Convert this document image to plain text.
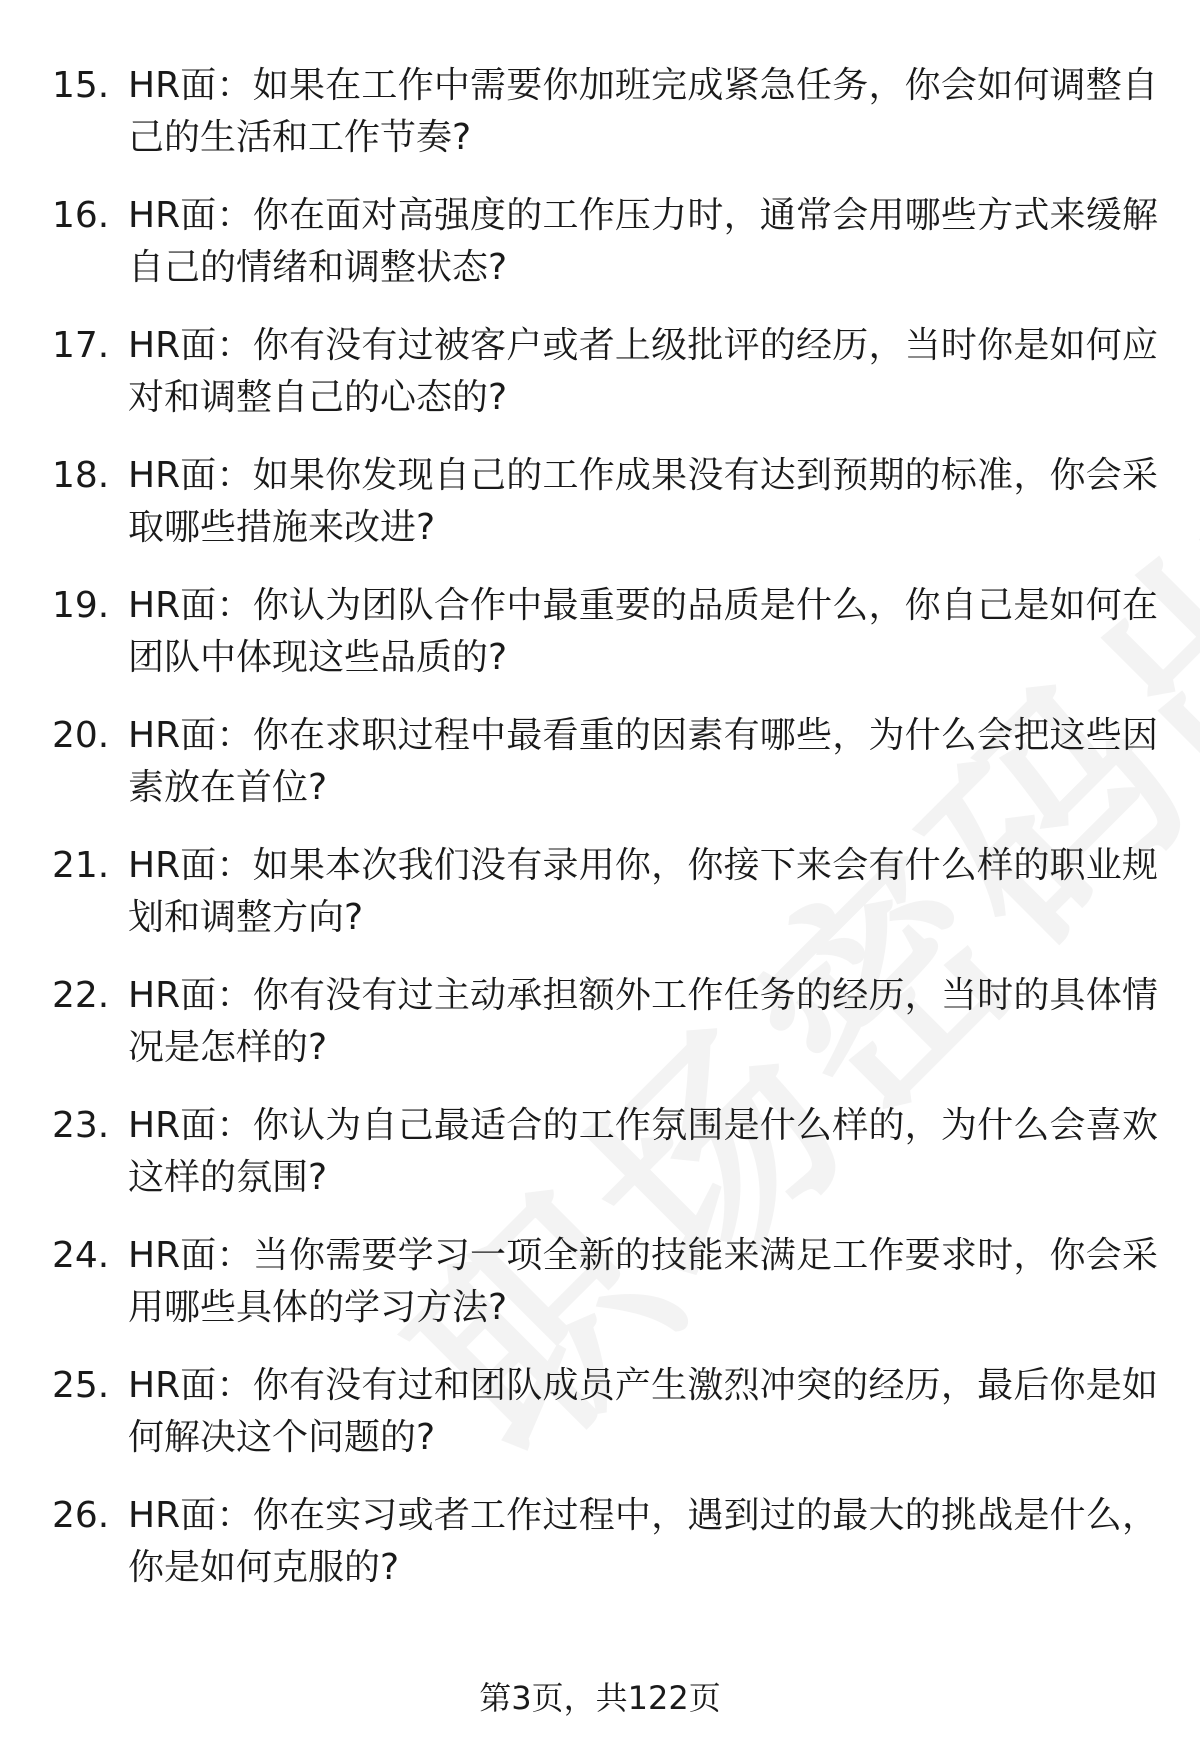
15. HR面：如果在工作中需要你加班完成紧急任务，你会如何调整自己的生活和工作节奏?
16. HR面：你在面对高强度的工作压力时，通常会用哪些方式来缓解自己的情绪和调整状态?
17. HR面：你有没有过被客户或者上级批评的经历，当时你是如何应对和调整自己的心态的?
18. HR面：如果你发现自己的工作成果没有达到预期的标准，你会采取哪些措施来改进?
19. HR面：你认为团队合作中最重要的品质是什么，你自己是如何在团队中体现这些品质的?
20. HR面：你在求职过程中最看重的因素有哪些，为什么会把这些因素放在首位?
21. HR面：如果本次我们没有录用你，你接下来会有什么样的职业规划和调整方向?
22. HR面：你有没有过主动承担额外工作任务的经历，当时的具体情况是怎样的?
23. HR面：你认为自己最适合的工作氛围是什么样的，为什么会喜欢这样的氛围?
24. HR面：当你需要学习一项全新的技能来满足工作要求时，你会采用哪些具体的学习方法?
25. HR面：你有没有过和团队成员产生激烈冲突的经历，最后你是如何解决这个问题的?
26. HR面：你在实习或者工作过程中，遇到过的最大的挑战是什么，你是如何克服的?
第3页，共122页
